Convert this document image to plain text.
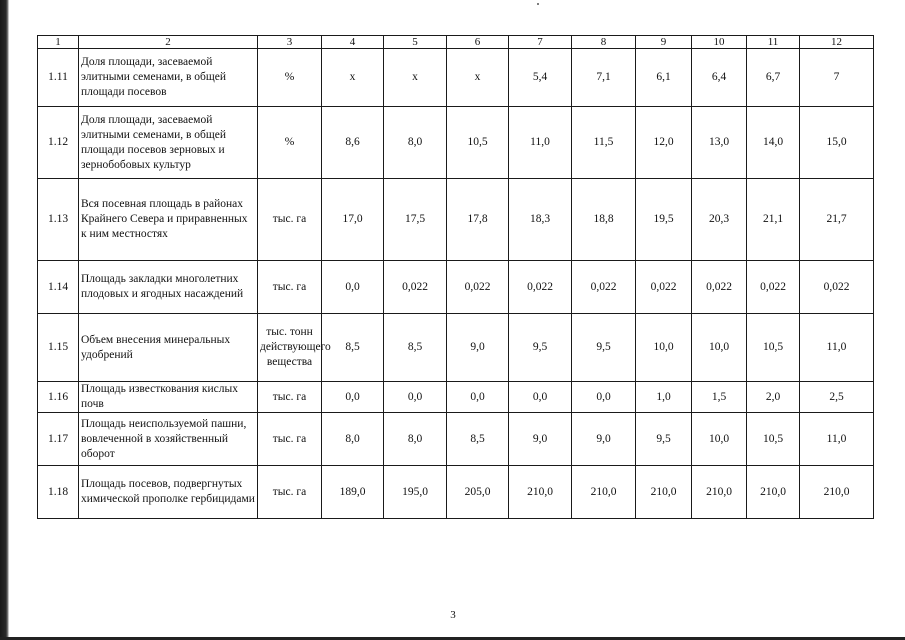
1	2	3	4	5	6	7	8	9	10	11	12
1.11	Доля площади, засеваемой элитными семенами, в общей площади посевов	%	х	х	х	5,4	7,1	6,1	6,4	6,7	7
1.12	Доля площади, засеваемой элитными семенами, в общей площади посевов зерновых и зернобобовых культур	%	8,6	8,0	10,5	11,0	11,5	12,0	13,0	14,0	15,0
1.13	Вся посевная площадь в районах Крайнего Севера и приравненных к ним местностях	тыс. га	17,0	17,5	17,8	18,3	18,8	19,5	20,3	21,1	21,7
1.14	Площадь закладки многолетних плодовых и ягодных насаждений	тыс. га	0,0	0,022	0,022	0,022	0,022	0,022	0,022	0,022	0,022
1.15	Объем внесения минеральных удобрений	тыс. тонн действующего вещества	8,5	8,5	9,0	9,5	9,5	10,0	10,0	10,5	11,0
1.16	Площадь известкования кислых почв	тыс. га	0,0	0,0	0,0	0,0	0,0	1,0	1,5	2,0	2,5
1.17	Площадь неиспользуемой пашни, вовлеченной в хозяйственный оборот	тыс. га	8,0	8,0	8,5	9,0	9,0	9,5	10,0	10,5	11,0
1.18	Площадь посевов, подвергнутых химической прополке гербицидами	тыс. га	189,0	195,0	205,0	210,0	210,0	210,0	210,0	210,0	210,0
3
